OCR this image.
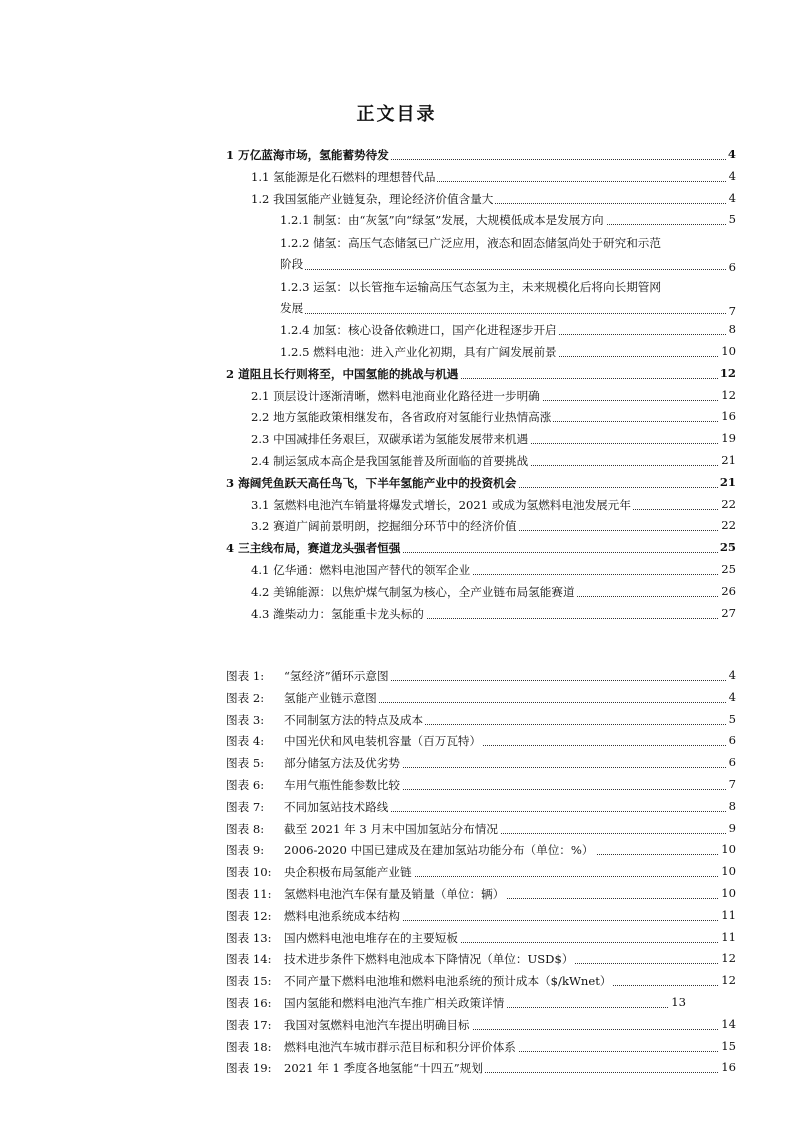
正文目录
1 万亿蓝海市场，氢能蓄势待发	4
1.1 氢能源是化石燃料的理想替代品	4
1.2 我国氢能产业链复杂，理论经济价值含量大	4
1.2.1 制氢：由“灰氢”向“绿氢”发展，大规模低成本是发展方向	5
1.2.2 储氢：高压气态储氢已广泛应用，液态和固态储氢尚处于研究和示范
阶段	6
1.2.3 运氢：以长管拖车运输高压气态氢为主，未来规模化后将向长期管网
发展	7
1.2.4 加氢：核心设备依赖进口，国产化进程逐步开启	8
1.2.5 燃料电池：进入产业化初期，具有广阔发展前景	10
2 道阻且长行则将至，中国氢能的挑战与机遇	12
2.1 顶层设计逐渐清晰，燃料电池商业化路径进一步明确	12
2.2 地方氢能政策相继发布，各省政府对氢能行业热情高涨	16
2.3 中国减排任务艰巨，双碳承诺为氢能发展带来机遇	19
2.4 制运氢成本高企是我国氢能普及所面临的首要挑战	21
3 海阔凭鱼跃天高任鸟飞，下半年氢能产业中的投资机会	21
3.1 氢燃料电池汽车销量将爆发式增长，2021 或成为氢燃料电池发展元年	22
3.2 赛道广阔前景明朗，挖掘细分环节中的经济价值	22
4 三主线布局，赛道龙头强者恒强	25
4.1 亿华通：燃料电池国产替代的领军企业	25
4.2 美锦能源：以焦炉煤气制氢为核心，全产业链布局氢能赛道	26
4.3 潍柴动力：氢能重卡龙头标的	27
图表 1:	“氢经济”循环示意图	4
图表 2:	氢能产业链示意图	4
图表 3:	不同制氢方法的特点及成本	5
图表 4:	中国光伏和风电装机容量（百万瓦特）	6
图表 5:	部分储氢方法及优劣势	6
图表 6:	车用气瓶性能参数比较	7
图表 7:	不同加氢站技术路线	8
图表 8:	截至 2021 年 3 月末中国加氢站分布情况	9
图表 9:	2006-2020 中国已建成及在建加氢站功能分布（单位：%）	10
图表 10:	央企积极布局氢能产业链	10
图表 11:	氢燃料电池汽车保有量及销量（单位：辆）	10
图表 12:	燃料电池系统成本结构	11
图表 13:	国内燃料电池电堆存在的主要短板	11
图表 14:	技术进步条件下燃料电池成本下降情况（单位：USD$）	12
图表 15:	不同产量下燃料电池堆和燃料电池系统的预计成本（$/kWnet）	12
图表 16:	国内氢能和燃料电池汽车推广相关政策详情	13
图表 17:	我国对氢燃料电池汽车提出明确目标	14
图表 18:	燃料电池汽车城市群示范目标和积分评价体系	15
图表 19:	2021 年 1 季度各地氢能“十四五”规划	16
